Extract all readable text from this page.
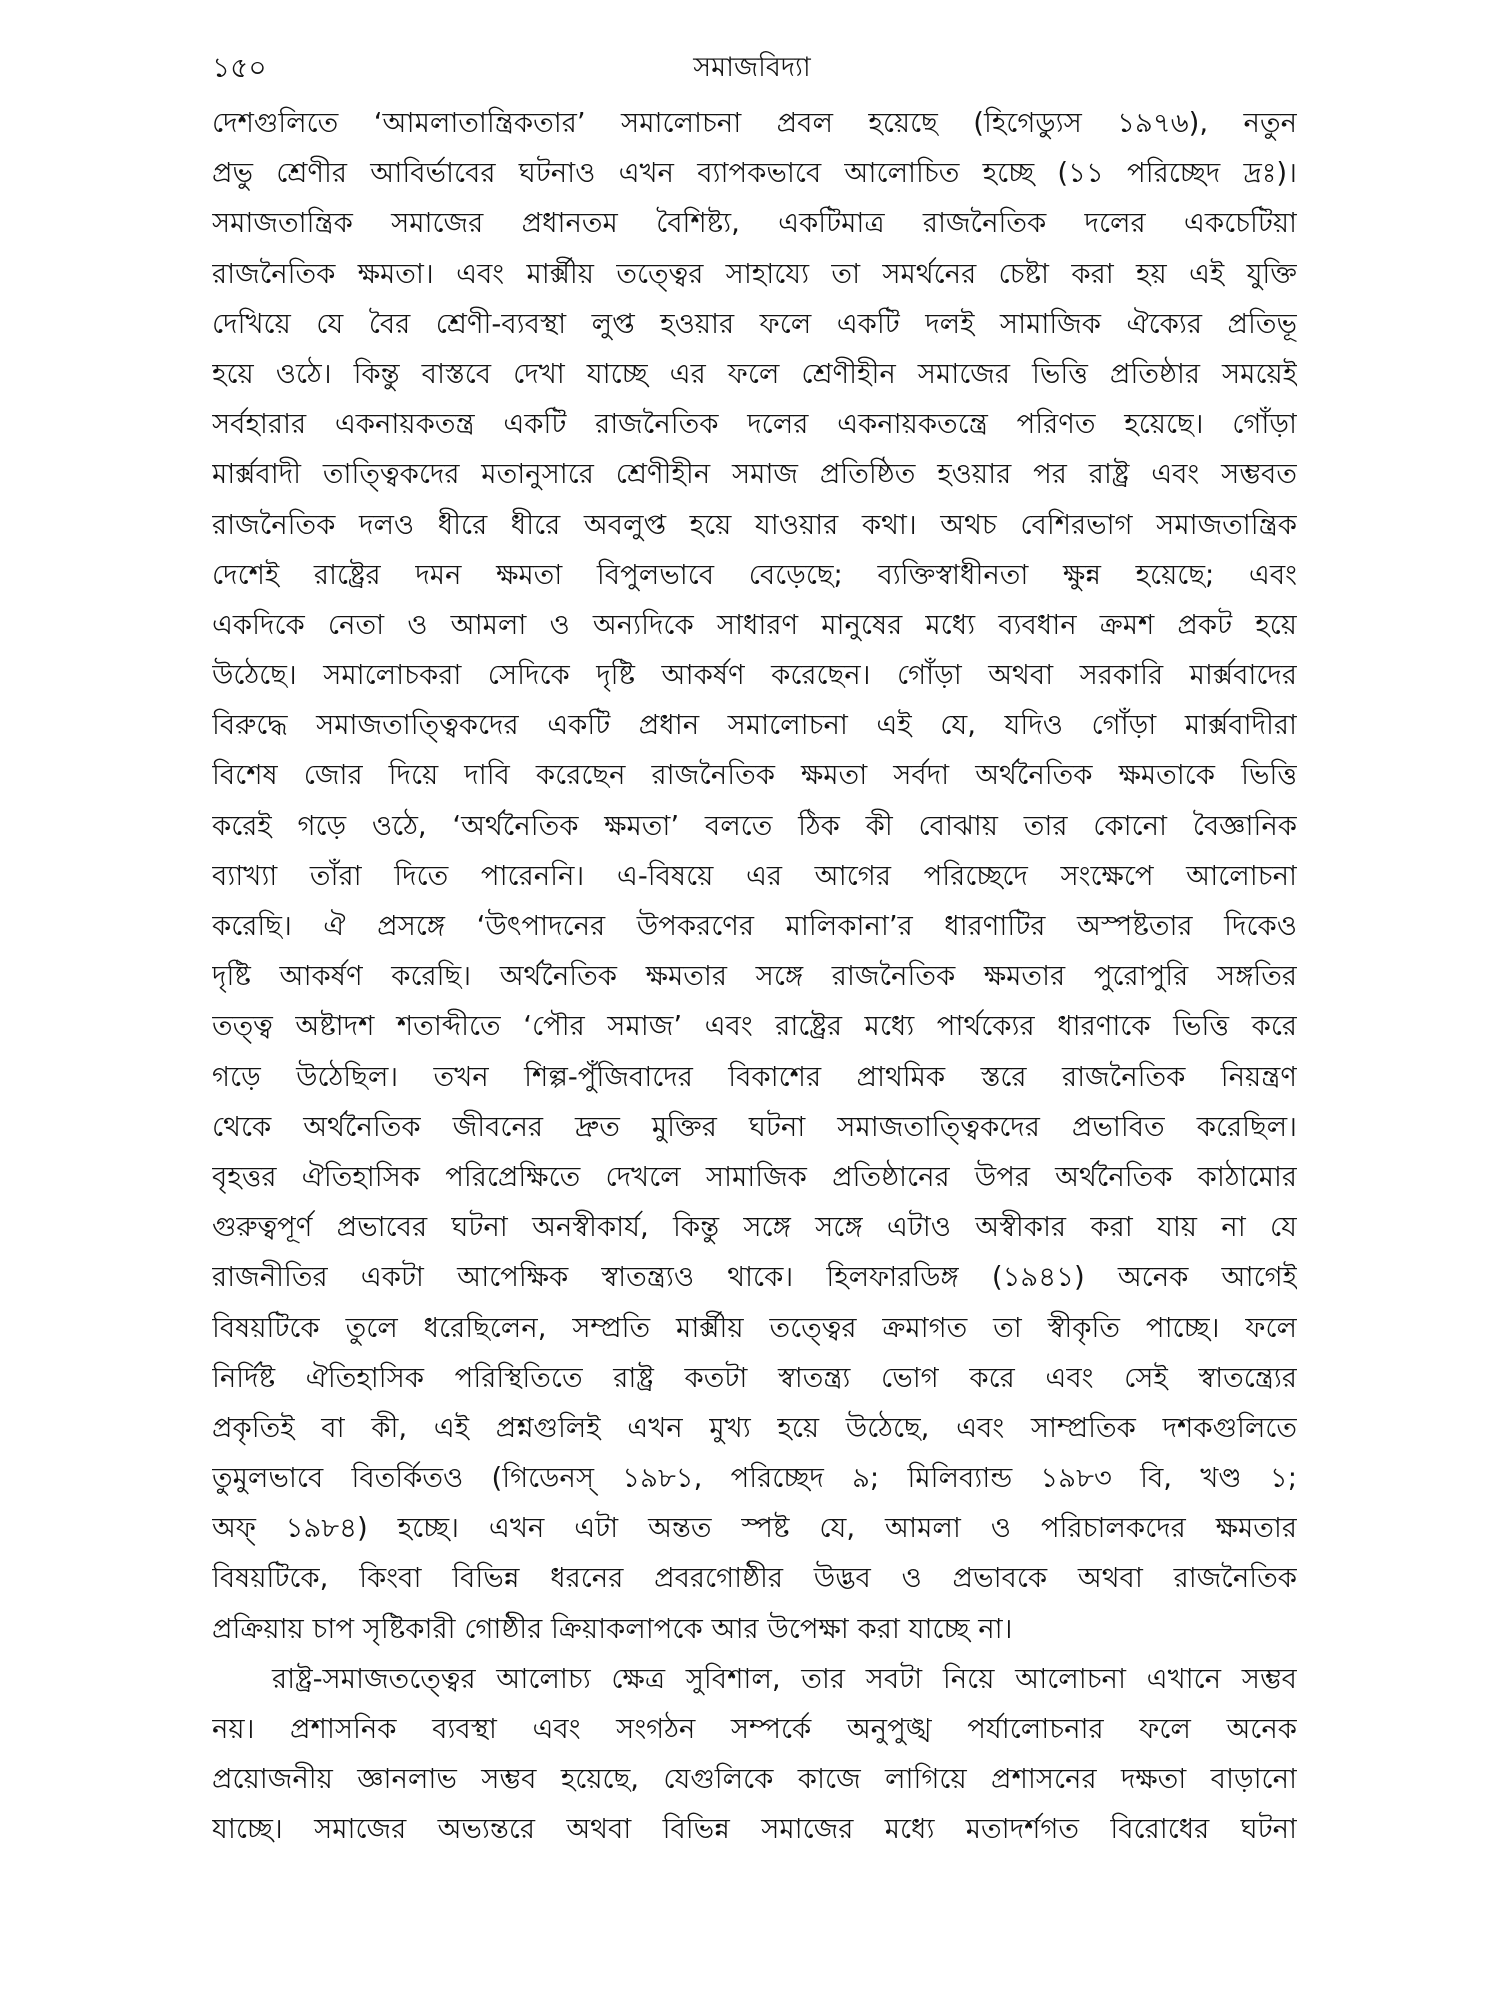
১৫০	সমাজবিদ্যা
দেশগুলিতে ‘আমলাতান্ত্রিকতার’ সমালোচনা প্রবল হয়েছে (হিগেড্যুস ১৯৭৬), নতুন
প্রভু শ্রেণীর আবির্ভাবের ঘটনাও এখন ব্যাপকভাবে আলোচিত হচ্ছে (১১ পরিচ্ছেদ দ্রঃ)।
সমাজতান্ত্রিক সমাজের প্রধানতম বৈশিষ্ট্য, একটিমাত্র রাজনৈতিক দলের একচেটিয়া
রাজনৈতিক ক্ষমতা। এবং মার্ক্সীয় তত্ত্বের সাহায্যে তা সমর্থনের চেষ্টা করা হয় এই যুক্তি
দেখিয়ে যে বৈর শ্রেণী-ব্যবস্থা লুপ্ত হওয়ার ফলে একটি দলই সামাজিক ঐক্যের প্রতিভূ
হয়ে ওঠে। কিন্তু বাস্তবে দেখা যাচ্ছে এর ফলে শ্রেণীহীন সমাজের ভিত্তি প্রতিষ্ঠার সময়েই
সর্বহারার একনায়কতন্ত্র একটি রাজনৈতিক দলের একনায়কতন্ত্রে পরিণত হয়েছে। গোঁড়া
মার্ক্সবাদী তাত্ত্বিকদের মতানুসারে শ্রেণীহীন সমাজ প্রতিষ্ঠিত হওয়ার পর রাষ্ট্র এবং সম্ভবত
রাজনৈতিক দলও ধীরে ধীরে অবলুপ্ত হয়ে যাওয়ার কথা। অথচ বেশিরভাগ সমাজতান্ত্রিক
দেশেই রাষ্ট্রের দমন ক্ষমতা বিপুলভাবে বেড়েছে; ব্যক্তিস্বাধীনতা ক্ষুন্ন হয়েছে; এবং
একদিকে নেতা ও আমলা ও অন্যদিকে সাধারণ মানুষের মধ্যে ব্যবধান ক্রমশ প্রকট হয়ে
উঠেছে। সমালোচকরা সেদিকে দৃষ্টি আকর্ষণ করেছেন। গোঁড়া অথবা সরকারি মার্ক্সবাদের
বিরুদ্ধে সমাজতাত্ত্বিকদের একটি প্রধান সমালোচনা এই যে, যদিও গোঁড়া মার্ক্সবাদীরা
বিশেষ জোর দিয়ে দাবি করেছেন রাজনৈতিক ক্ষমতা সর্বদা অর্থনৈতিক ক্ষমতাকে ভিত্তি
করেই গড়ে ওঠে, ‘অর্থনৈতিক ক্ষমতা’ বলতে ঠিক কী বোঝায় তার কোনো বৈজ্ঞানিক
ব্যাখ্যা তাঁরা দিতে পারেননি। এ-বিষয়ে এর আগের পরিচ্ছেদে সংক্ষেপে আলোচনা
করেছি। ঐ প্রসঙ্গে ‘উৎপাদনের উপকরণের মালিকানা’র ধারণাটির অস্পষ্টতার দিকেও
দৃষ্টি আকর্ষণ করেছি। অর্থনৈতিক ক্ষমতার সঙ্গে রাজনৈতিক ক্ষমতার পুরোপুরি সঙ্গতির
তত্ত্ব অষ্টাদশ শতাব্দীতে ‘পৌর সমাজ’ এবং রাষ্ট্রের মধ্যে পার্থক্যের ধারণাকে ভিত্তি করে
গড়ে উঠেছিল। তখন শিল্প-পুঁজিবাদের বিকাশের প্রাথমিক স্তরে রাজনৈতিক নিয়ন্ত্রণ
থেকে অর্থনৈতিক জীবনের দ্রুত মুক্তির ঘটনা সমাজতাত্ত্বিকদের প্রভাবিত করেছিল।
বৃহত্তর ঐতিহাসিক পরিপ্রেক্ষিতে দেখলে সামাজিক প্রতিষ্ঠানের উপর অর্থনৈতিক কাঠামোর
গুরুত্বপূর্ণ প্রভাবের ঘটনা অনস্বীকার্য, কিন্তু সঙ্গে সঙ্গে এটাও অস্বীকার করা যায় না যে
রাজনীতির একটা আপেক্ষিক স্বাতন্ত্র্যও থাকে। হিলফারডিঙ্গ (১৯৪১) অনেক আগেই
বিষয়টিকে তুলে ধরেছিলেন, সম্প্রতি মার্ক্সীয় তত্ত্বের ক্রমাগত তা স্বীকৃতি পাচ্ছে। ফলে
নির্দিষ্ট ঐতিহাসিক পরিস্থিতিতে রাষ্ট্র কতটা স্বাতন্ত্র্য ভোগ করে এবং সেই স্বাতন্ত্র্যের
প্রকৃতিই বা কী, এই প্রশ্নগুলিই এখন মুখ্য হয়ে উঠেছে, এবং সাম্প্রতিক দশকগুলিতে
তুমুলভাবে বিতর্কিতও (গিডেনস্ ১৯৮১, পরিচ্ছেদ ৯; মিলিব্যান্ড ১৯৮৩ বি, খণ্ড ১;
অফ্ ১৯৮৪) হচ্ছে। এখন এটা অন্তত স্পষ্ট যে, আমলা ও পরিচালকদের ক্ষমতার
বিষয়টিকে, কিংবা বিভিন্ন ধরনের প্রবরগোষ্ঠীর উদ্ভব ও প্রভাবকে অথবা রাজনৈতিক
প্রক্রিয়ায় চাপ সৃষ্টিকারী গোষ্ঠীর ক্রিয়াকলাপকে আর উপেক্ষা করা যাচ্ছে না।
রাষ্ট্র-সমাজতত্ত্বের আলোচ্য ক্ষেত্র সুবিশাল, তার সবটা নিয়ে আলোচনা এখানে সম্ভব
নয়। প্রশাসনিক ব্যবস্থা এবং সংগঠন সম্পর্কে অনুপুঙ্খ পর্যালোচনার ফলে অনেক
প্রয়োজনীয় জ্ঞানলাভ সম্ভব হয়েছে, যেগুলিকে কাজে লাগিয়ে প্রশাসনের দক্ষতা বাড়ানো
যাচ্ছে। সমাজের অভ্যন্তরে অথবা বিভিন্ন সমাজের মধ্যে মতাদর্শগত বিরোধের ঘটনা
